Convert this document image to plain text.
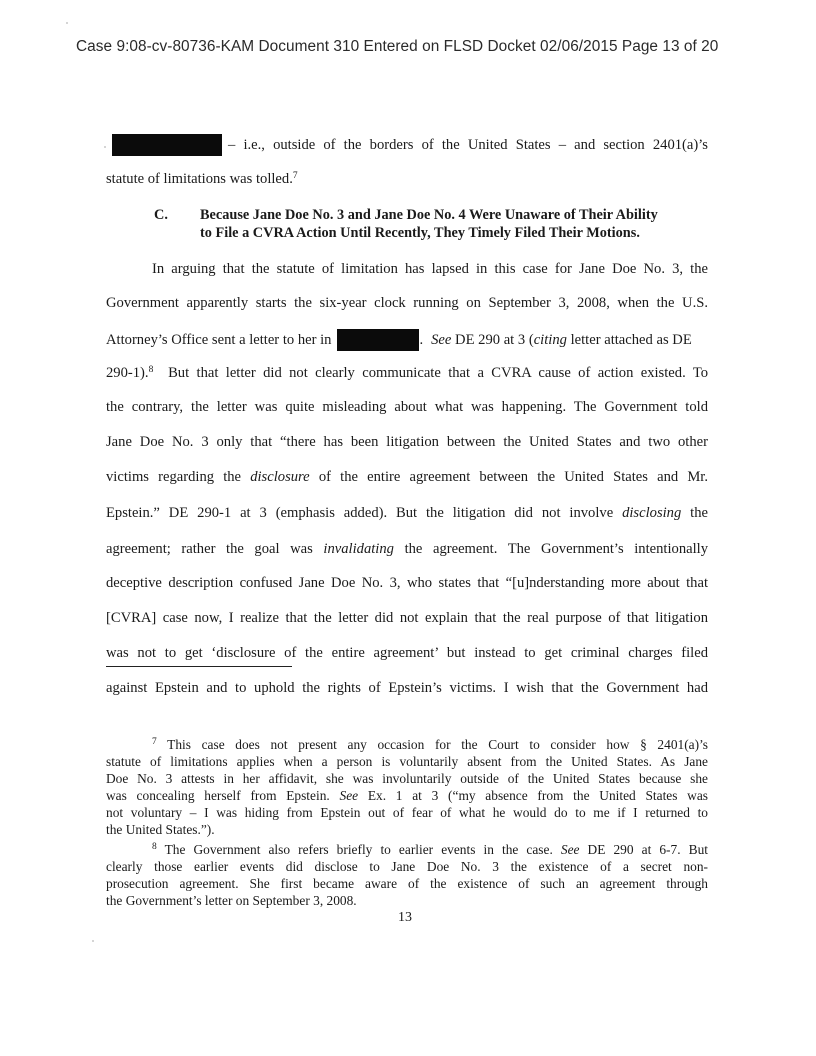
Case 9:08-cv-80736-KAM Document 310 Entered on FLSD Docket 02/06/2015 Page 13 of 20
– i.e., outside of the borders of the United States – and section 2401(a)’s
statute of limitations was tolled.$^7$
C. Because Jane Doe No. 3 and Jane Doe No. 4 Were Unaware of Their Ability
to File a CVRA Action Until Recently, They Timely Filed Their Motions.
In arguing that the statute of limitation has lapsed in this case for Jane Doe No. 3, the
Government apparently starts the six-year clock running on September 3, 2008, when the U.S.
Attorney’s Office sent a letter to her in	. See DE 290 at 3 (citing letter attached as DE
290-1).$^8$ But that letter did not clearly communicate that a CVRA cause of action existed. To
the contrary, the letter was quite misleading about what was happening. The Government told
Jane Doe No. 3 only that “there has been litigation between the United States and two other
victims regarding the disclosure of the entire agreement between the United States and Mr.
Epstein.” DE 290-1 at 3 (emphasis added). But the litigation did not involve disclosing the
agreement; rather the goal was invalidating the agreement. The Government’s intentionally
deceptive description confused Jane Doe No. 3, who states that “[u]nderstanding more about that
[CVRA] case now, I realize that the letter did not explain that the real purpose of that litigation
was not to get ‘disclosure of the entire agreement’ but instead to get criminal charges filed
against Epstein and to uphold the rights of Epstein’s victims. I wish that the Government had
$^7$ This case does not present any occasion for the Court to consider how § 2401(a)’s
statute of limitations applies when a person is voluntarily absent from the United States. As Jane
Doe No. 3 attests in her affidavit, she was involuntarily outside of the United States because she
was concealing herself from Epstein. See Ex. 1 at 3 (“my absence from the United States was
not voluntary – I was hiding from Epstein out of fear of what he would do to me if I returned to
the United States.”).
$^8$ The Government also refers briefly to earlier events in the case. See DE 290 at 6-7. But
clearly those earlier events did disclose to Jane Doe No. 3 the existence of a secret non-
prosecution agreement. She first became aware of the existence of such an agreement through
the Government’s letter on September 3, 2008.
13
